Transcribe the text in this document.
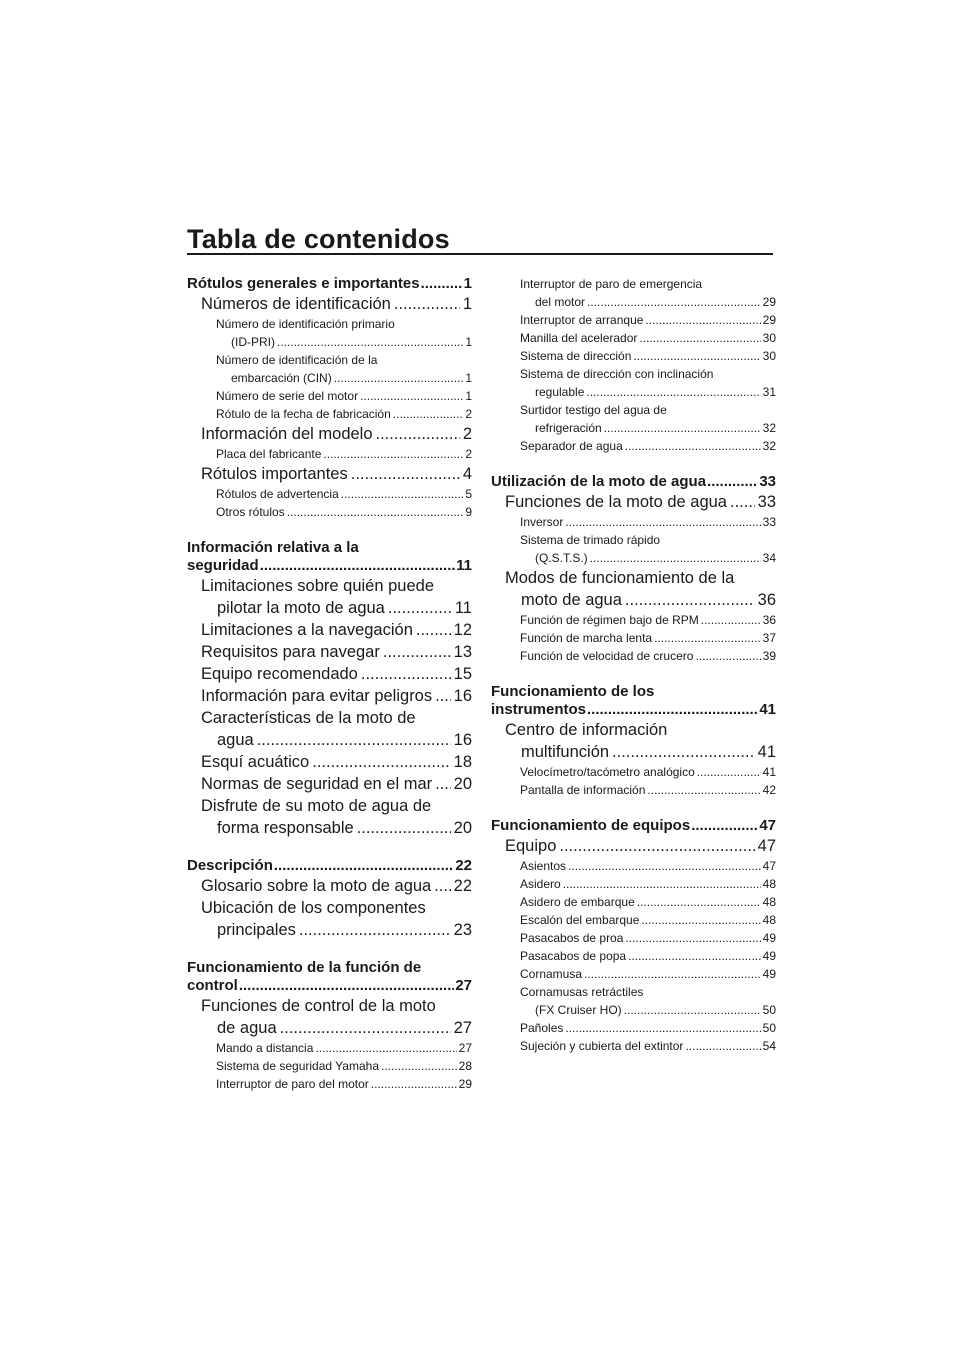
Tabla de contenidos
Rótulos generales e importantes .....	1
Números de identificación .....	1
Número de identificación primario
(ID-PRI) .....	1
Número de identificación de la
embarcación (CIN) .....	1
Número de serie del motor .....	1
Rótulo de la fecha de fabricación .....	2
Información del modelo .....	2
Placa del fabricante .....	2
Rótulos importantes .....	4
Rótulos de advertencia .....	5
Otros rótulos .....	9
Información relativa a la
seguridad .....	11
Limitaciones sobre quién puede
pilotar la moto de agua .....	11
Limitaciones a la navegación ..... 12
Requisitos para navegar .....	13
Equipo recomendado .....	15
Información para evitar peligros ..... 16
Características de la moto de
agua .....	16
Esquí acuático .....	18
Normas de seguridad en el mar ..... 20
Disfrute de su moto de agua de
forma responsable .....	20
Descripción .....	22
Glosario sobre la moto de agua ..... 22
Ubicación de los componentes
principales .....	23
Funcionamiento de la función de
control .....	27
Funciones de control de la moto
de agua .....	27
Mando a distancia .....	27
Sistema de seguridad Yamaha .....	28
Interruptor de paro del motor .....	29
Interruptor de paro de emergencia
del motor .....	29
Interruptor de arranque .....	29
Manilla del acelerador .....	30
Sistema de dirección .....	30
Sistema de dirección con inclinación
regulable .....	31
Surtidor testigo del agua de
refrigeración .....	32
Separador de agua .....	32
Utilización de la moto de agua .....	33
Funciones de la moto de agua ..... 33
Inversor .....	33
Sistema de trimado rápido
(Q.S.T.S.) .....	34
Modos de funcionamiento de la
moto de agua .....	36
Función de régimen bajo de RPM .....	36
Función de marcha lenta .....	37
Función de velocidad de crucero .....	39
Funcionamiento de los
instrumentos .....	41
Centro de información
multifunción .....	41
Velocímetro/tacómetro analógico .....	41
Pantalla de información .....	42
Funcionamiento de equipos .....	47
Equipo .....	47
Asientos .....	47
Asidero .....	48
Asidero de embarque .....	48
Escalón del embarque .....	48
Pasacabos de proa .....	49
Pasacabos de popa .....	49
Cornamusa .....	49
Cornamusas retráctiles
(FX Cruiser HO) .....	50
Pañoles .....	50
Sujeción y cubierta del extintor .....	54
